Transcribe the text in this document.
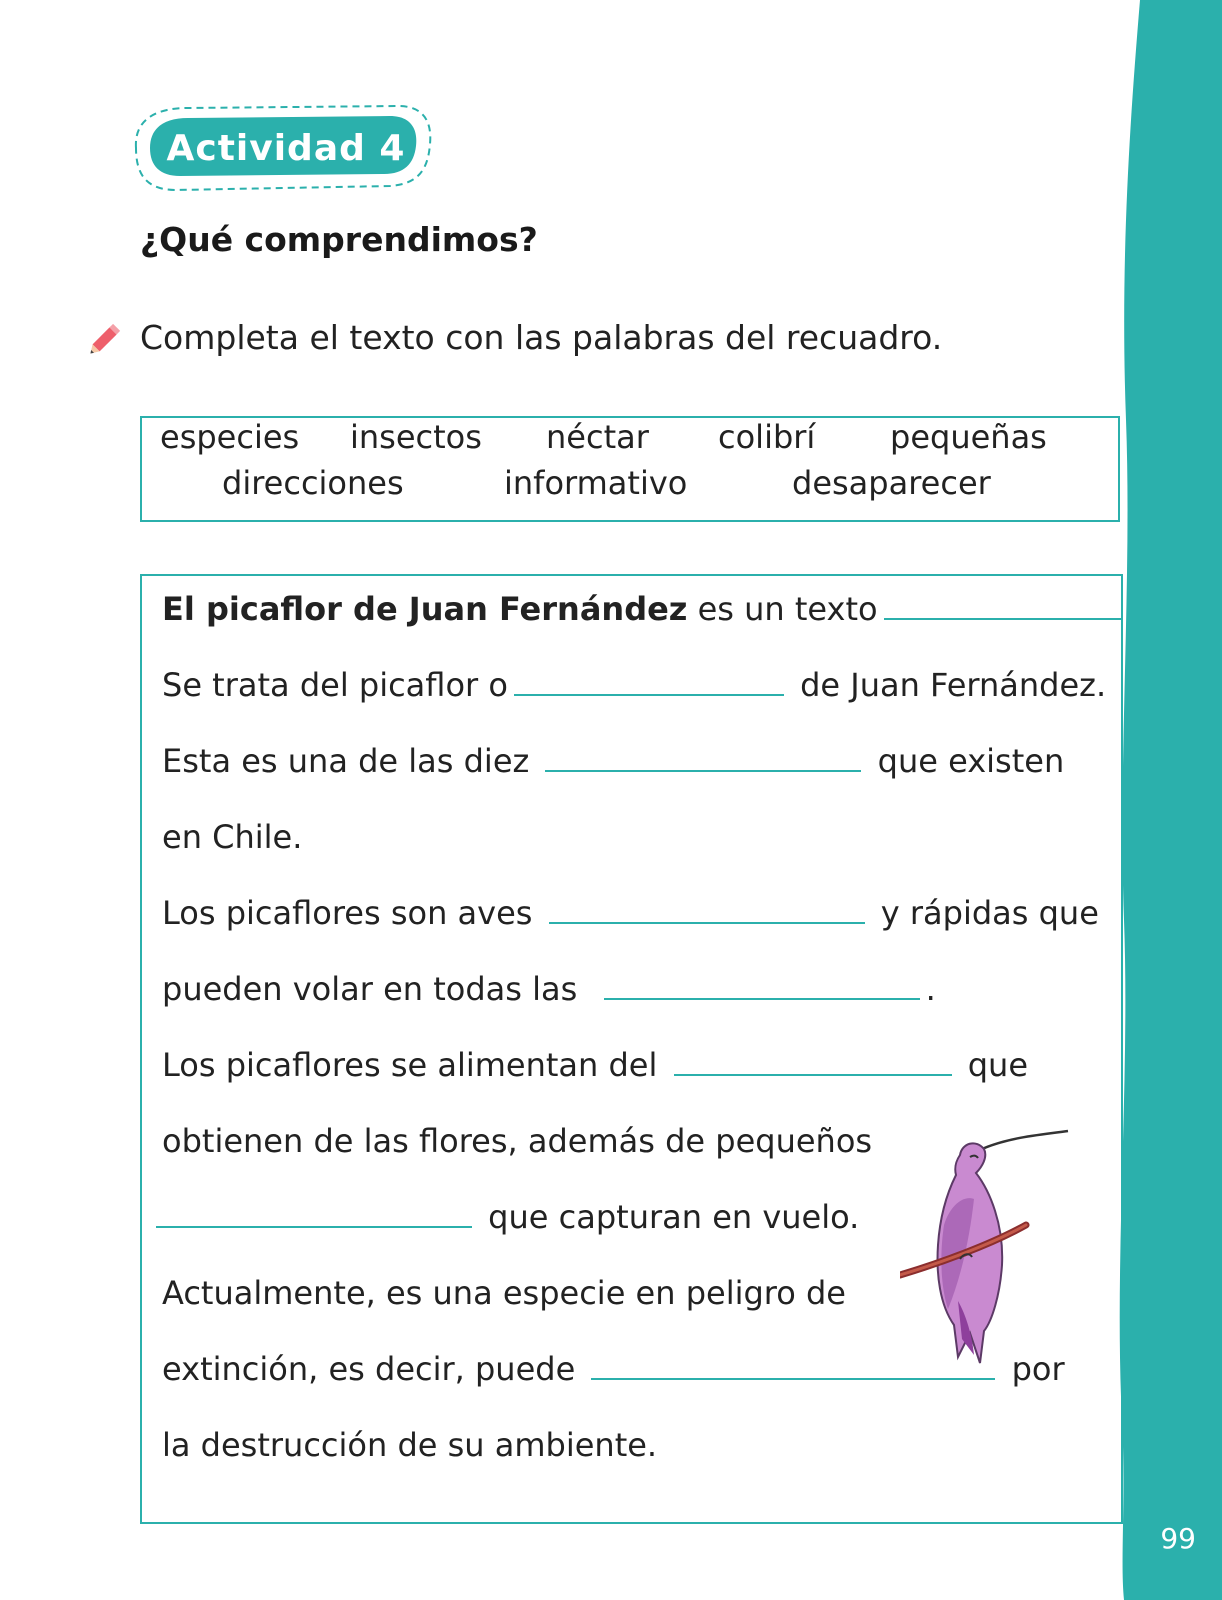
99
Actividad 4
¿Qué comprendimos?
Completa el texto con las palabras del recuadro.
especies insectos néctar colibrí pequeñas
direcciones	informativo	desaparecer
El picaflor de Juan Fernández es un texto
Se trata del picaflor o	de Juan Fernández.
Esta es una de las diez	que existen
en Chile.
Los picaflores son aves	y rápidas que
pueden volar en todas las	.
Los picaflores se alimentan del	que
obtienen de las flores, además de pequeños
que capturan en vuelo.
Actualmente, es una especie en peligro de
extinción, es decir, puede	por
la destrucción de su ambiente.
